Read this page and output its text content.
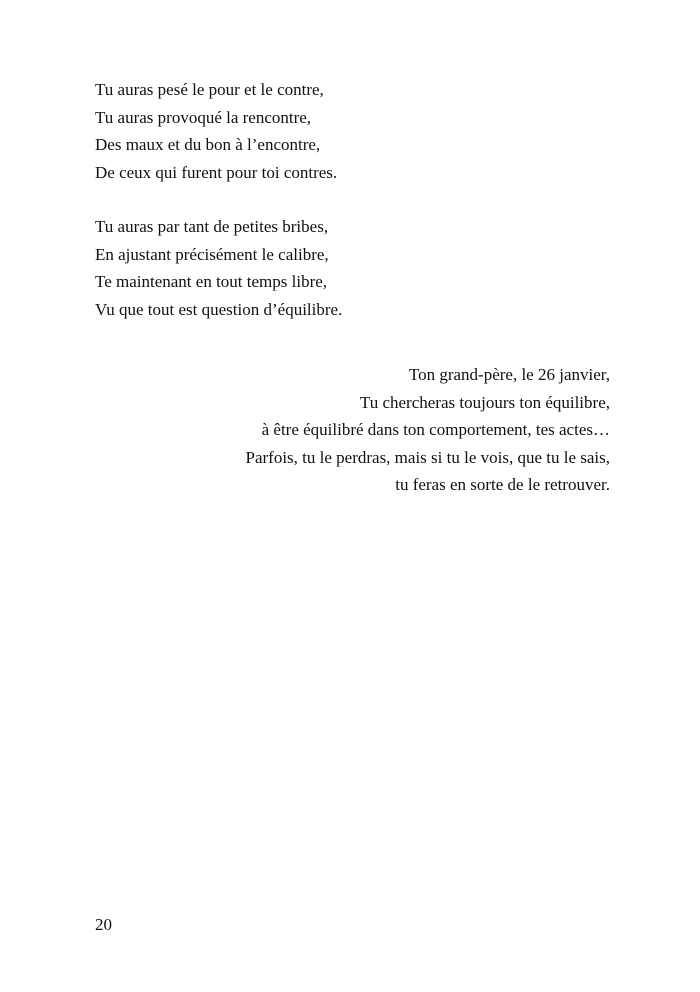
Tu auras pesé le pour et le contre,
Tu auras provoqué la rencontre,
Des maux et du bon à l’encontre,
De ceux qui furent pour toi contres.
Tu auras par tant de petites bribes,
En ajustant précisément le calibre,
Te maintenant en tout temps libre,
Vu que tout est question d’équilibre.
Ton grand-père, le 26 janvier,
Tu chercheras toujours ton équilibre,
à être équilibré dans ton comportement, tes actes…
Parfois, tu le perdras, mais si tu le vois, que tu le sais,
tu feras en sorte de le retrouver.
20
